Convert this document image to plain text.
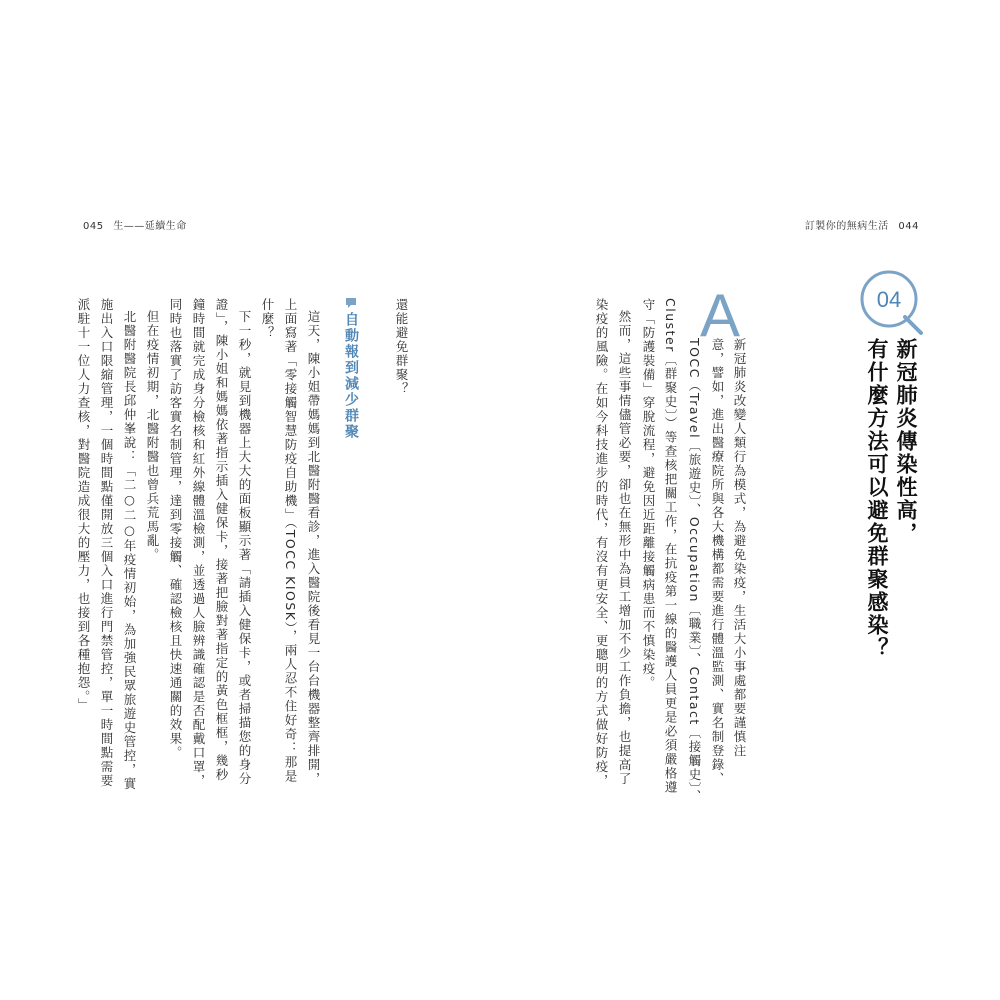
045 生——延續生命	訂製你的無病生活 044
04
新冠肺炎傳染性高，
有什麼方法可以避免群聚感染？
A
新冠肺炎改變人類行為模式，為避免染疫，生活大小事處都要謹慎注
意，譬如，進出醫療院所與各大機構都需要進行體溫監測、實名制登錄、
TOCC（Travel〔旅遊史〕、Occupation〔職業〕、Contact〔接觸史〕、
Cluster〔群聚史〕）等查核把關工作，在抗疫第一線的醫護人員更是必須嚴格遵
守「防護裝備」穿脫流程，避免因近距離接觸病患而不慎染疫。
然而，這些事情儘管必要，卻也在無形中為員工增加不少工作負擔，也提高了
染疫的風險。在如今科技進步的時代，有沒有更安全、更聰明的方式做好防疫，
還能避免群聚？
自動報到減少群聚
這天，陳小姐帶媽媽到北醫附醫看診，進入醫院後看見一台台機器整齊排開，
上面寫著「零接觸智慧防疫自助機」（TOCC KIOSK），兩人忍不住好奇：那是
什麼？
下一秒，就見到機器上大大的面板顯示著「請插入健保卡，或者掃描您的身分
證」，陳小姐和媽媽依著指示插入健保卡，接著把臉對著指定的黃色框框，幾秒
鐘時間就完成身分檢核和紅外線體溫檢測，並透過人臉辨識確認是否配戴口罩，
同時也落實了訪客實名制管理，達到零接觸、確認檢核且快速通關的效果。
但在疫情初期，北醫附醫也曾兵荒馬亂。
北醫附醫院長邱仲峯說：「二○二○年疫情初始，為加強民眾旅遊史管控，實
施出入口限縮管理，一個時間點僅開放三個入口進行門禁管控，單一時間點需要
派駐十一位人力查核，對醫院造成很大的壓力，也接到各種抱怨。」
